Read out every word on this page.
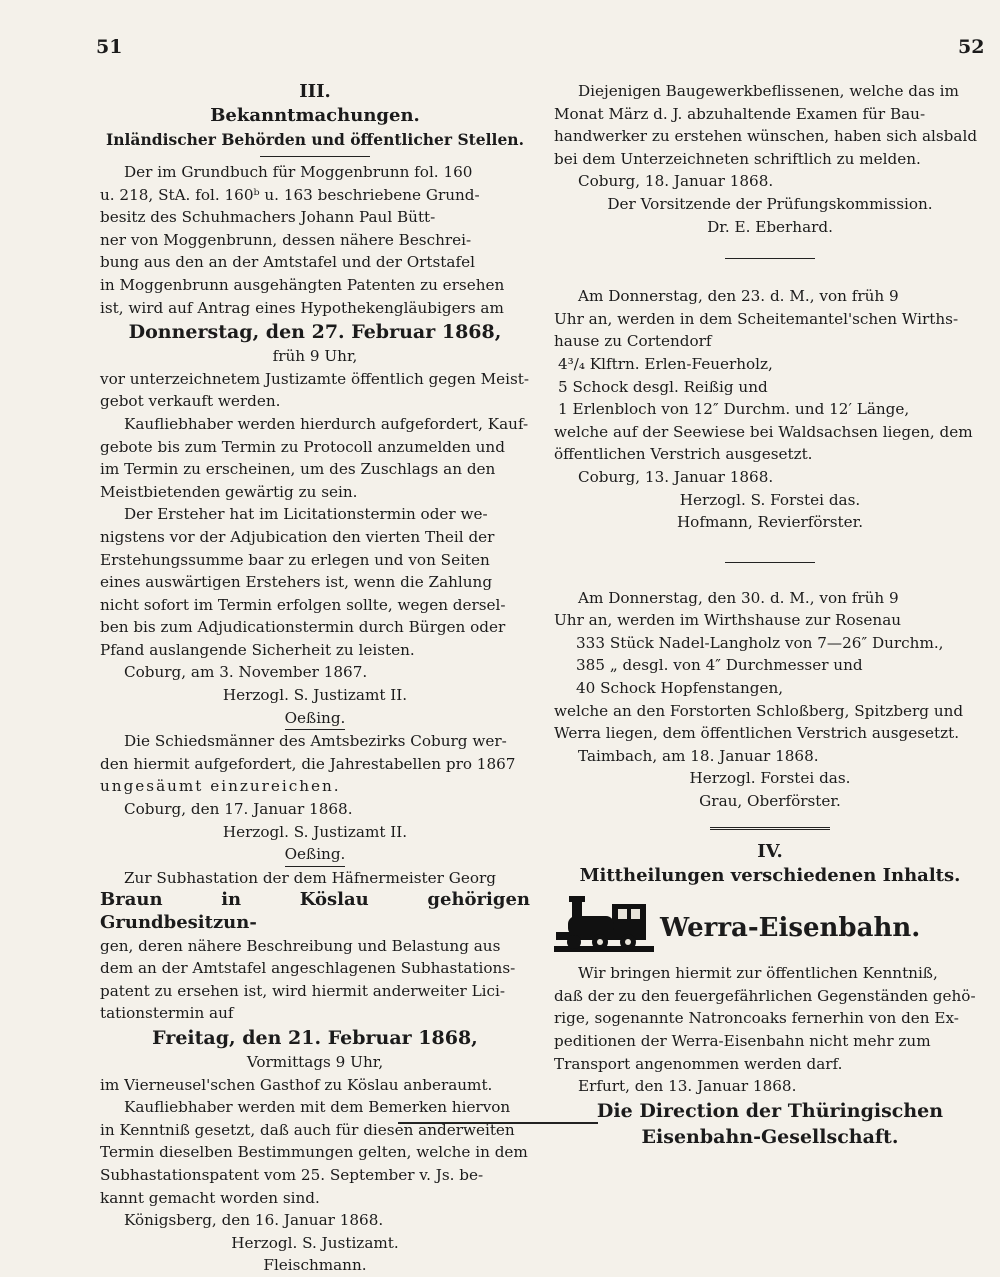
51	52
III.
Bekanntmachungen.
Inländischer Behörden und öffentlicher Stellen.

Der im Grundbuch für Moggenbrunn fol. 160

u. 218, StA. fol. 160ᵇ u. 163 beschriebene Grund-

besitz des Schuhmachers Johann Paul Bütt-

ner von Moggenbrunn, dessen nähere Beschrei-

bung aus den an der Amtstafel und der Ortstafel

in Moggenbrunn ausgehängten Patenten zu ersehen

ist, wird auf Antrag eines Hypothekengläubigers am

Donnerstag, den 27. Februar 1868,

früh 9 Uhr,

vor unterzeichnetem Justizamte öffentlich gegen Meist-

gebot verkauft werden.

Kaufliebhaber werden hierdurch aufgefordert, Kauf-

gebote bis zum Termin zu Protocoll anzumelden und

im Termin zu erscheinen, um des Zuschlags an den

Meistbietenden gewärtig zu sein.

Der Ersteher hat im Licitationstermin oder we-

nigstens vor der Adjubication den vierten Theil der

Erstehungssumme baar zu erlegen und von Seiten

eines auswärtigen Erstehers ist, wenn die Zahlung

nicht sofort im Termin erfolgen sollte, wegen dersel-

ben bis zum Adjudicationstermin durch Bürgen oder

Pfand auslangende Sicherheit zu leisten.

Coburg, am 3. November 1867.

Herzogl. S. Justizamt II.

Oeßing.

Die Schiedsmänner des Amtsbezirks Coburg wer-

den hiermit aufgefordert, die Jahrestabellen pro 1867

ungesäumt einzureichen.

Coburg, den 17. Januar 1868.

Herzogl. S. Justizamt II.

Oeßing.

Zur Subhastation der dem Häfnermeister Georg

Braun in Köslau gehörigen Grundbesitzun-

gen, deren nähere Beschreibung und Belastung aus

dem an der Amtstafel angeschlagenen Subhastations-

patent zu ersehen ist, wird hiermit anderweiter Lici-

tationstermin auf

Freitag, den 21. Februar 1868,

Vormittags 9 Uhr,

im Vierneusel'schen Gasthof zu Köslau anberaumt.

Kaufliebhaber werden mit dem Bemerken hiervon

in Kenntniß gesetzt, daß auch für diesen anderweiten

Termin dieselben Bestimmungen gelten, welche in dem

Subhastationspatent vom 25. September v. Js. be-

kannt gemacht worden sind.

Königsberg, den 16. Januar 1868.

Herzogl. S. Justizamt.

Fleischmann.

Diejenigen Baugewerkbeflissenen, welche das im

Monat März d. J. abzuhaltende Examen für Bau-

handwerker zu erstehen wünschen, haben sich alsbald

bei dem Unterzeichneten schriftlich zu melden.

Coburg, 18. Januar 1868.

Der Vorsitzende der Prüfungskommission.

Dr. E. Eberhard.

Am Donnerstag, den 23. d. M., von früh 9

Uhr an, werden in dem Scheitemantel'schen Wirths-

hause zu Cortendorf

4³/₄ Klftrn. Erlen-Feuerholz,

5 Schock desgl. Reißig und

1 Erlenbloch von 12″ Durchm. und 12′ Länge,

welche auf der Seewiese bei Waldsachsen liegen, dem

öffentlichen Verstrich ausgesetzt.

Coburg, 13. Januar 1868.

Herzogl. S. Forstei das.

Hofmann, Revierförster.

Am Donnerstag, den 30. d. M., von früh 9

Uhr an, werden im Wirthshause zur Rosenau

333 Stück Nadel-Langholz von 7—26″ Durchm.,

385 „ desgl. von 4″ Durchmesser und

40 Schock Hopfenstangen,

welche an den Forstorten Schloßberg, Spitzberg und

Werra liegen, dem öffentlichen Verstrich ausgesetzt.

Taimbach, am 18. Januar 1868.

Herzogl. Forstei das.

Grau, Oberförster.

IV.
Mittheilungen verschiedenen Inhalts.
Werra-Eisenbahn.

Wir bringen hiermit zur öffentlichen Kenntniß,

daß der zu den feuergefährlichen Gegenständen gehö-

rige, sogenannte Natroncoaks fernerhin von den Ex-

peditionen der Werra-Eisenbahn nicht mehr zum

Transport angenommen werden darf.

Erfurt, den 13. Januar 1868.

Die Direction der Thüringischen

Eisenbahn-Gesellschaft.
